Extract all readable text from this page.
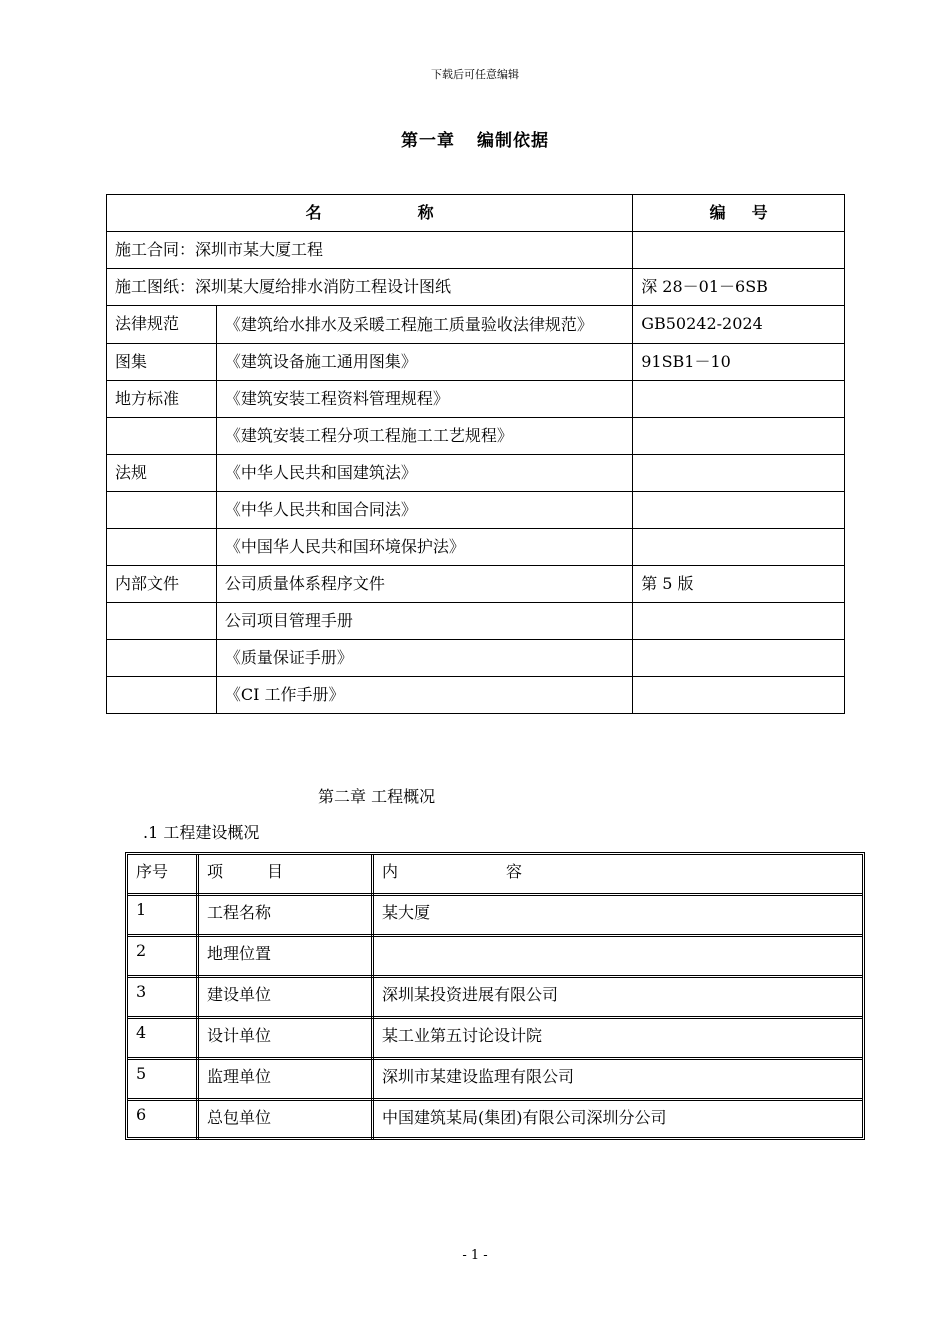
下载后可任意编辑
第一章 编制依据
名 称		编 号
施工合同：深圳市某大厦工程		
施工图纸：深圳某大厦给排水消防工程设计图纸		深 28－01－6SB
法律规范	《建筑给水排水及采暖工程施工质量验收法律规范》	GB50242-2024
图集	《建筑设备施工通用图集》	91SB1－10
地方标准	《建筑安装工程资料管理规程》	
	《建筑安装工程分项工程施工工艺规程》	
法规	《中华人民共和国建筑法》	
	《中华人民共和国合同法》	
	《中国华人民共和国环境保护法》	
内部文件	公司质量体系程序文件	第 5 版
	公司项目管理手册	
	《质量保证手册》	
	《CI 工作手册》	
第二章 工程概况
.1 工程建设概况
序号	项 目	内 容
1	工程名称	某大厦
2	地理位置	
3	建设单位	深圳某投资进展有限公司
4	设计单位	某工业第五讨论设计院
5	监理单位	深圳市某建设监理有限公司
6	总包单位	中国建筑某局(集团)有限公司深圳分公司
- 1 -
